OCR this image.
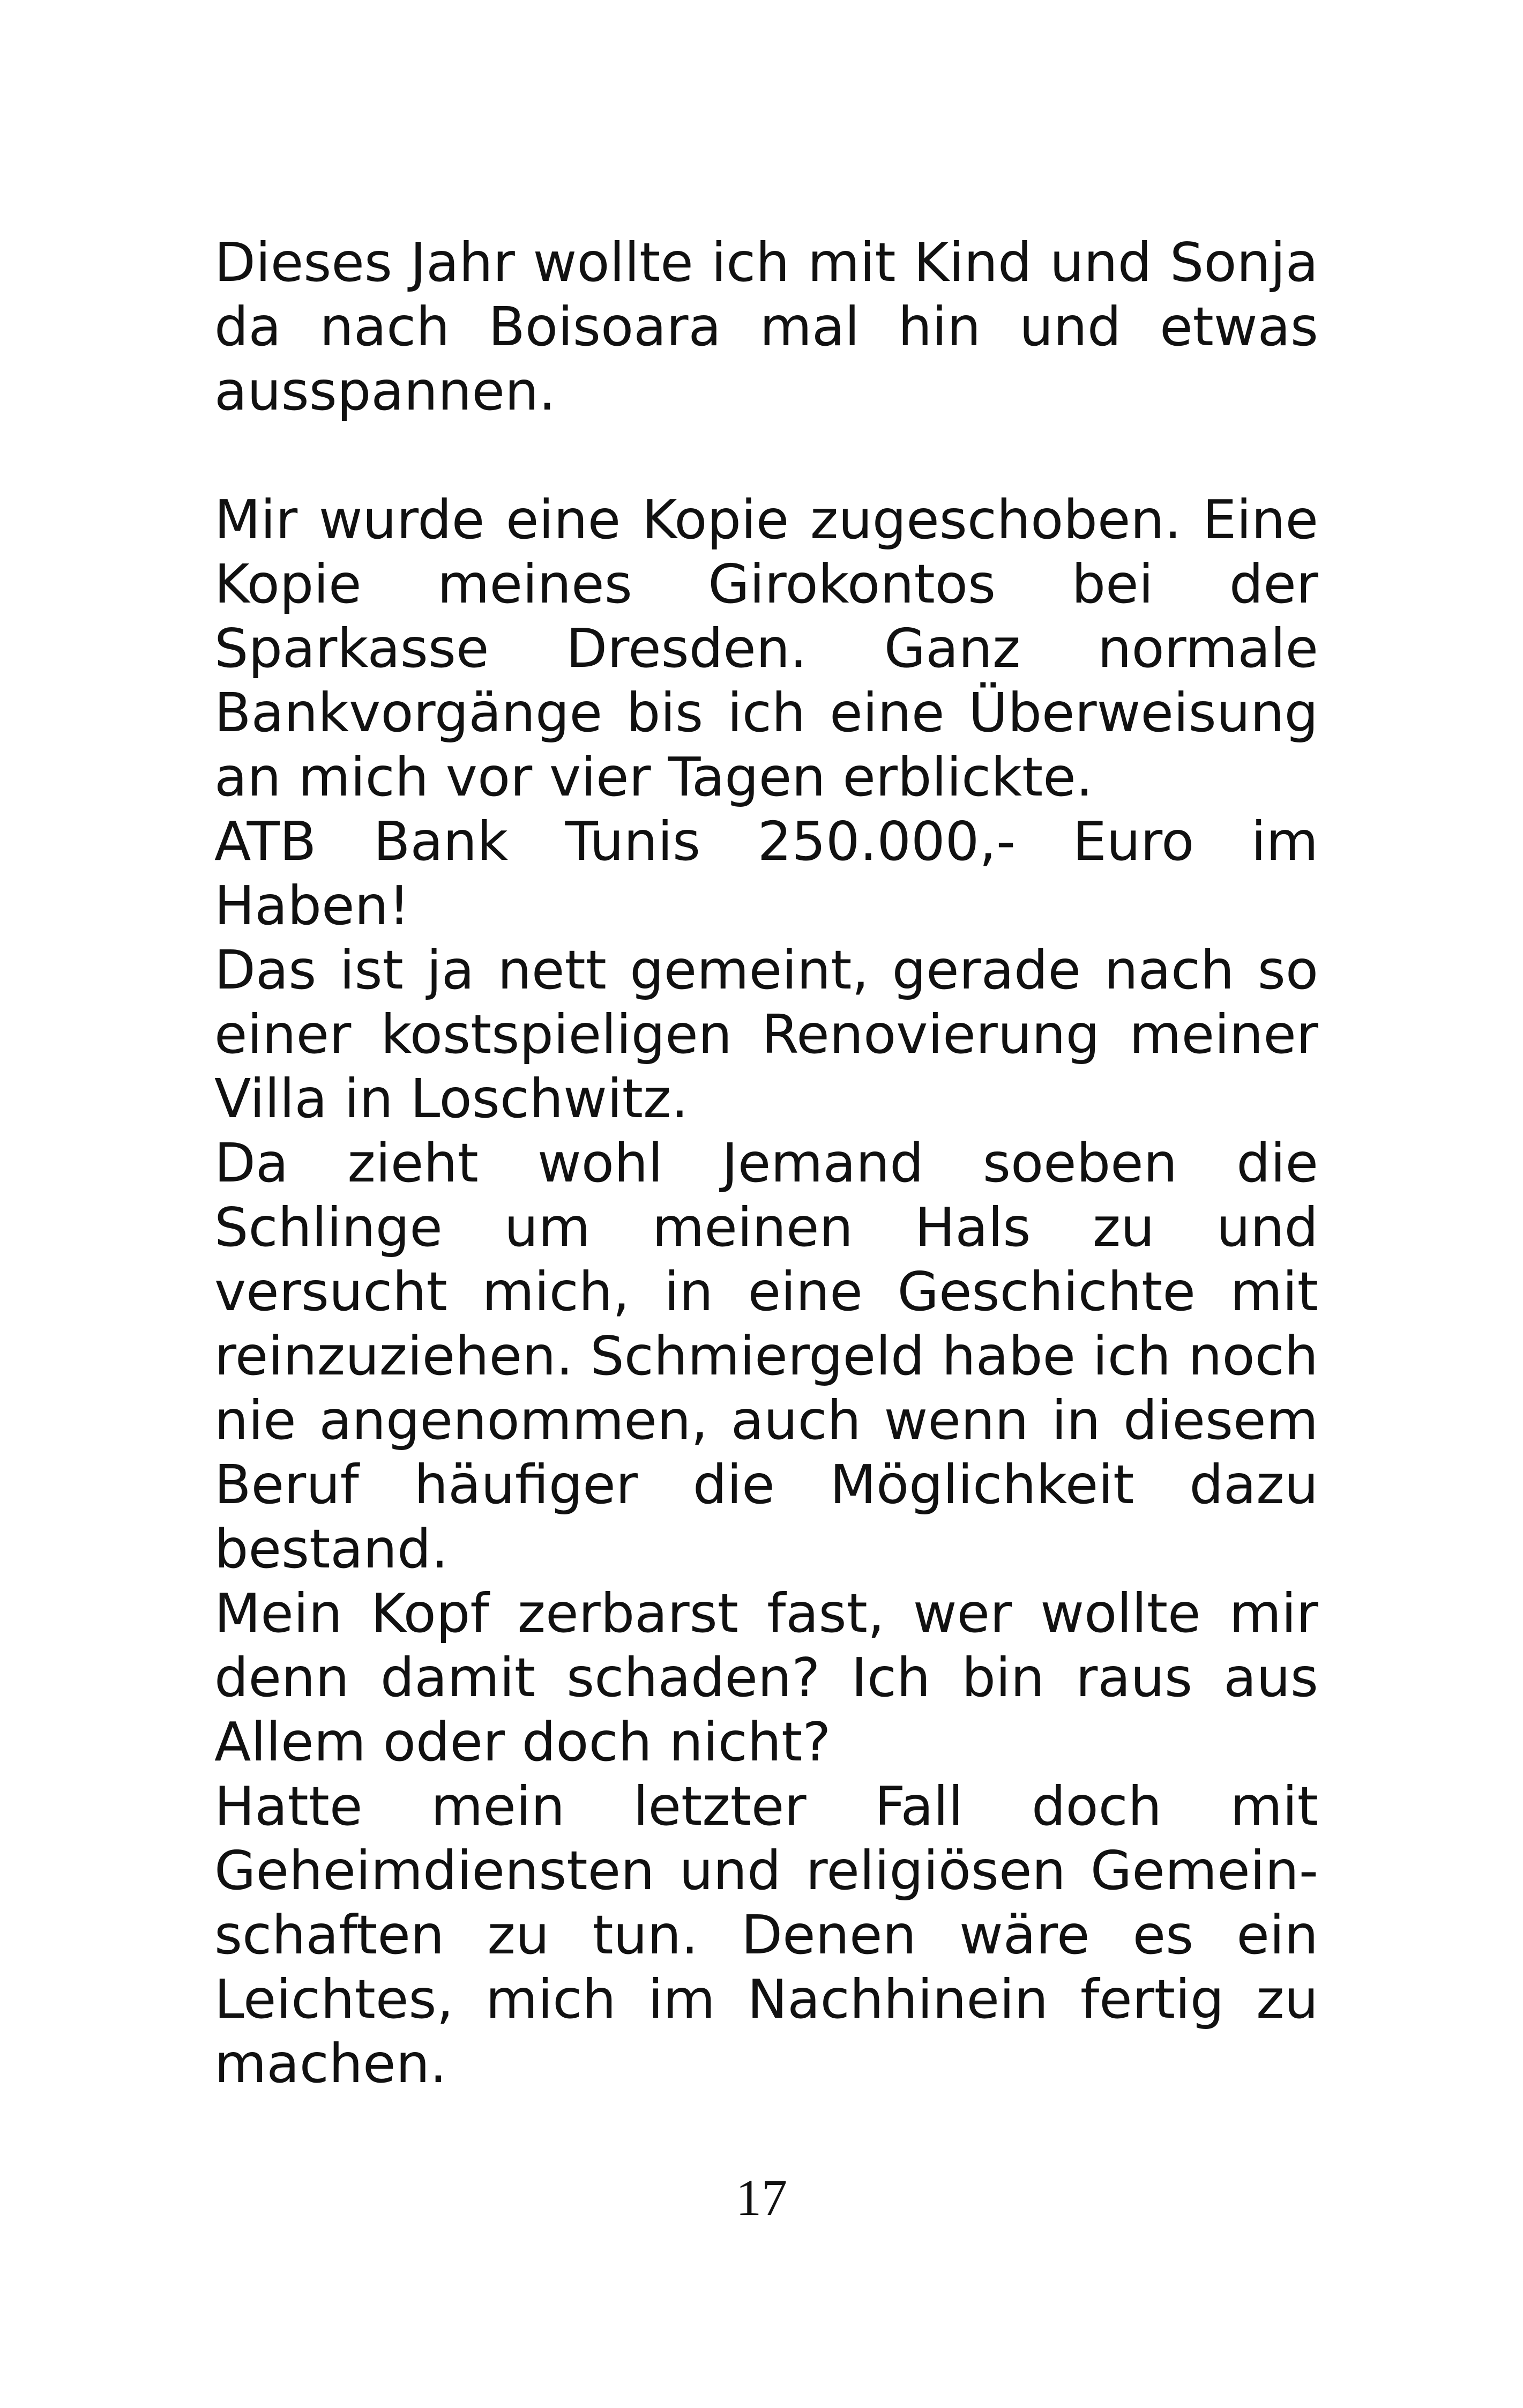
Dieses Jahr wollte ich mit Kind und Sonja da nach Boisoara mal hin und etwas ausspannen.

Mir wurde eine Kopie zugeschoben. Eine Kopie meines Girokontos bei der Sparkasse Dresden. Ganz normale Bankvorgänge bis ich eine Überweisung an mich vor vier Tagen erblickte.

ATB Bank Tunis 250.000,- Euro im Haben!

Das ist ja nett gemeint, gerade nach so einer kostspieligen Renovierung meiner Villa in Loschwitz.

Da zieht wohl Jemand soeben die Schlinge um meinen Hals zu und versucht mich, in eine Geschichte mit reinzuziehen. Schmiergeld habe ich noch nie angenommen, auch wenn in diesem Beruf häufiger die Möglichkeit dazu bestand.

Mein Kopf zerbarst fast, wer wollte mir denn damit schaden? Ich bin raus aus Allem oder doch nicht?

Hatte mein letzter Fall doch mit Geheimdiensten und religiösen Gemeinschaften zu tun. Denen wäre es ein Leichtes, mich im Nachhinein fertig zu machen.

17
